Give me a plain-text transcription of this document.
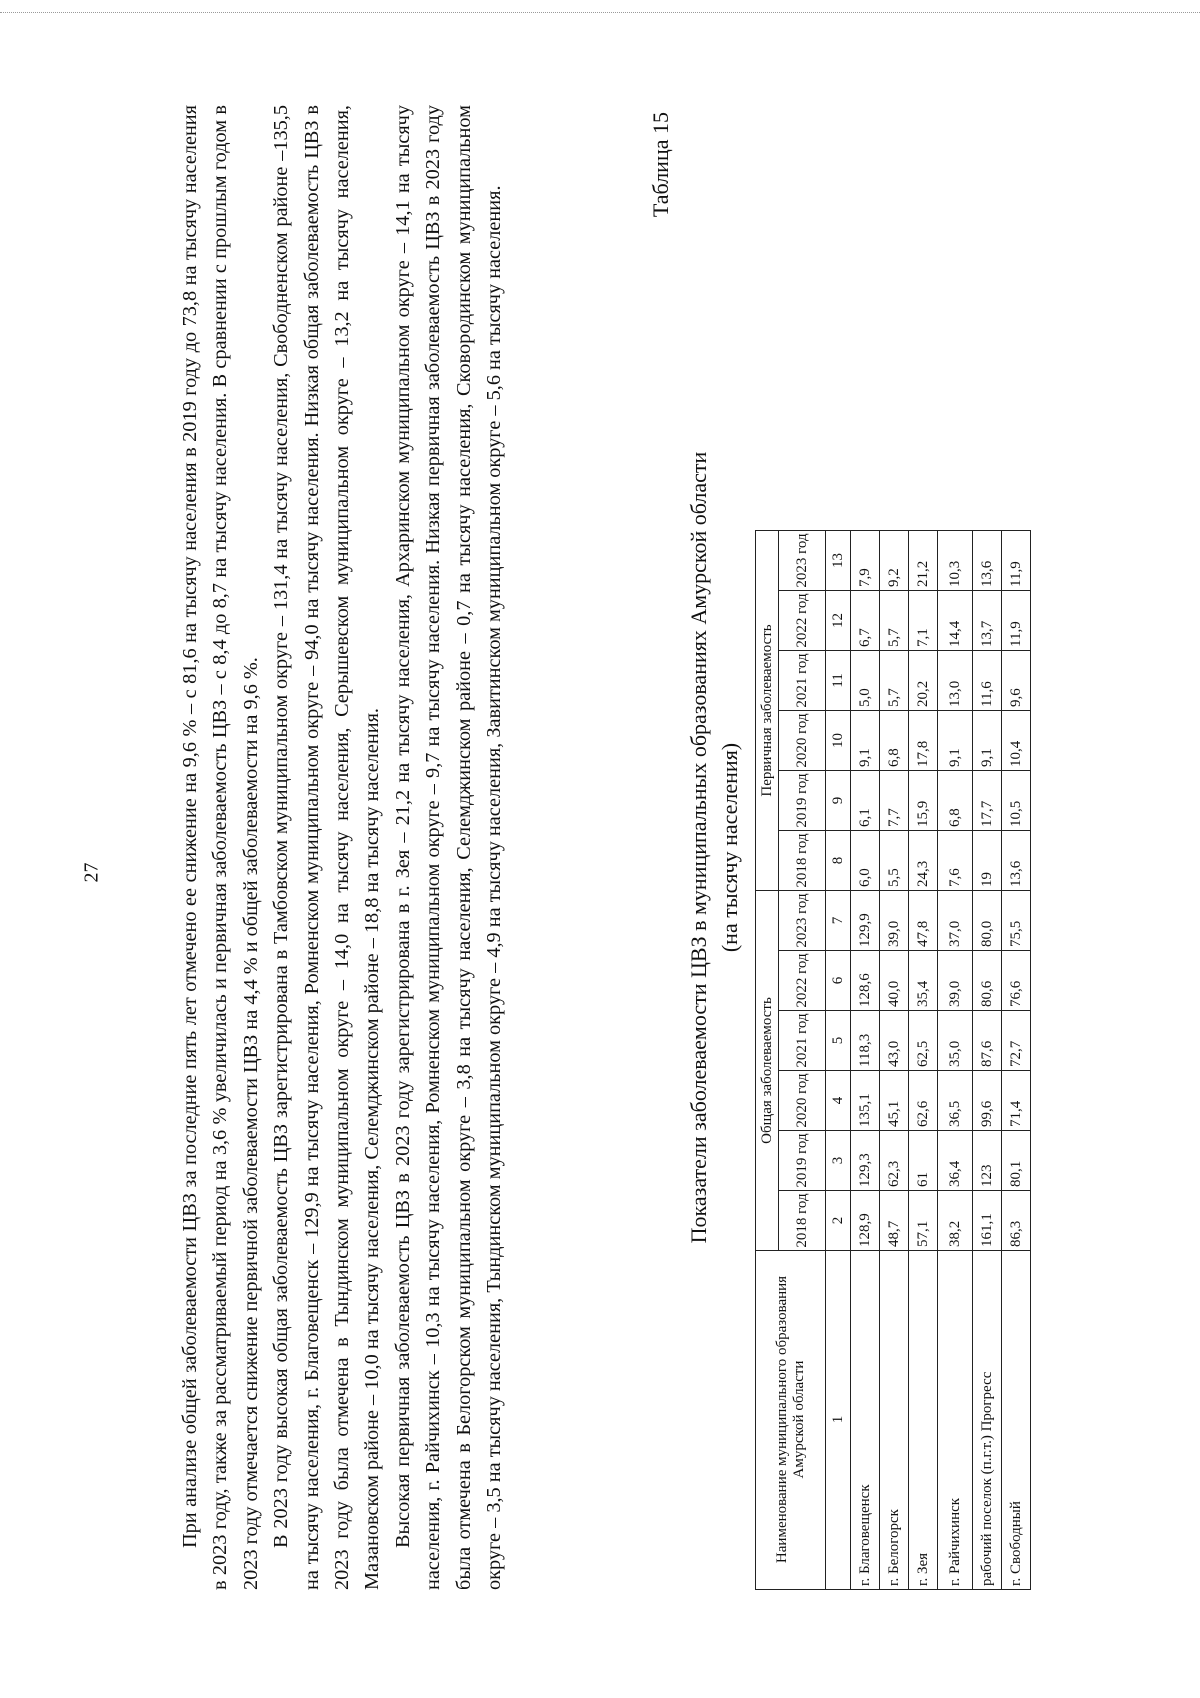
27	При анализе общей заболеваемости ЦВЗ за последние пять лет отмечено ее снижение на 9,6 % – с 81,6 на тысячу населения в 2019 году до 73,8 на тысячу населения в 2023 году, также за рассматриваемый период на 3,6 % увеличилась и первичная заболеваемость ЦВЗ – с 8,4 до 8,7 на тысячу населения. В сравнении с прошлым годом в 2023 году отмечается снижение первичной заболеваемости ЦВЗ на 4,4 % и общей заболеваемости на 9,6 %. В 2023 году высокая общая заболеваемость ЦВЗ зарегистрирована в Тамбовском муниципальном округе – 131,4 на тысячу населения, Свободненском районе –135,5 на тысячу населения, г. Благовещенск – 129,9 на тысячу населения, Ромненском муниципальном округе – 94,0 на тысячу населения. Низкая общая заболеваемость ЦВЗ в 2023 году была отмечена в Тындинском муниципальном округе – 14,0 на тысячу населения, Серышевском муниципальном округе – 13,2 на тысячу населения, Мазановском районе – 10,0 на тысячу населения, Селемджинском районе – 18,8 на тысячу населения. Высокая первичная заболеваемость ЦВЗ в 2023 году зарегистрирована в г. Зея – 21,2 на тысячу населения, Архаринском муниципальном округе – 14,1 на тысячу населения, г. Райчихинск – 10,3 на тысячу населения, Ромненском муниципальном округе – 9,7 на тысячу населения. Низкая первичная заболеваемость ЦВЗ в 2023 году была отмечена в Белогорском муниципальном округе – 3,8 на тысячу населения, Селемджинском районе – 0,7 на тысячу населения, Сковородинском муниципальном округе – 3,5 на тысячу населения, Тындинском муниципальном округе – 4,9 на тысячу населения, Завитинском муниципальном округе – 5,6 на тысячу населения.

Таблица 15
Показатели заболеваемости ЦВЗ в муниципальных образованиях Амурской области (на тысячу населения)
Наименование муниципального образования Амурской области	Общая заболеваемость						Первичная заболеваемость					
	2018 год	2019 год	2020 год	2021 год	2022 год	2023 год	2018 год	2019 год	2020 год	2021 год	2022 год	2023 год
1	2	3	4	5	6	7	8	9	10	11	12	13
г. Благовещенск	128,9	129,3	135,1	118,3	128,6	129,9	6,0	6,1	9,1	5,0	6,7	7,9
г. Белогорск	48,7	62,3	45,1	43,0	40,0	39,0	5,5	7,7	6,8	5,7	5,7	9,2
г. Зея	57,1	61	62,6	62,5	35,4	47,8	24,3	15,9	17,8	20,2	7,1	21,2
г. Райчихинск	38,2	36,4	36,5	35,0	39,0	37,0	7,6	6,8	9,1	13,0	14,4	10,3
рабочий поселок (п.г.т.) Прогресс	161,1	123	99,6	87,6	80,6	80,0	19	17,7	9,1	11,6	13,7	13,6
г. Свободный	86,3	80,1	71,4	72,7	76,6	75,5	13,6	10,5	10,4	9,6	11,9	11,9
